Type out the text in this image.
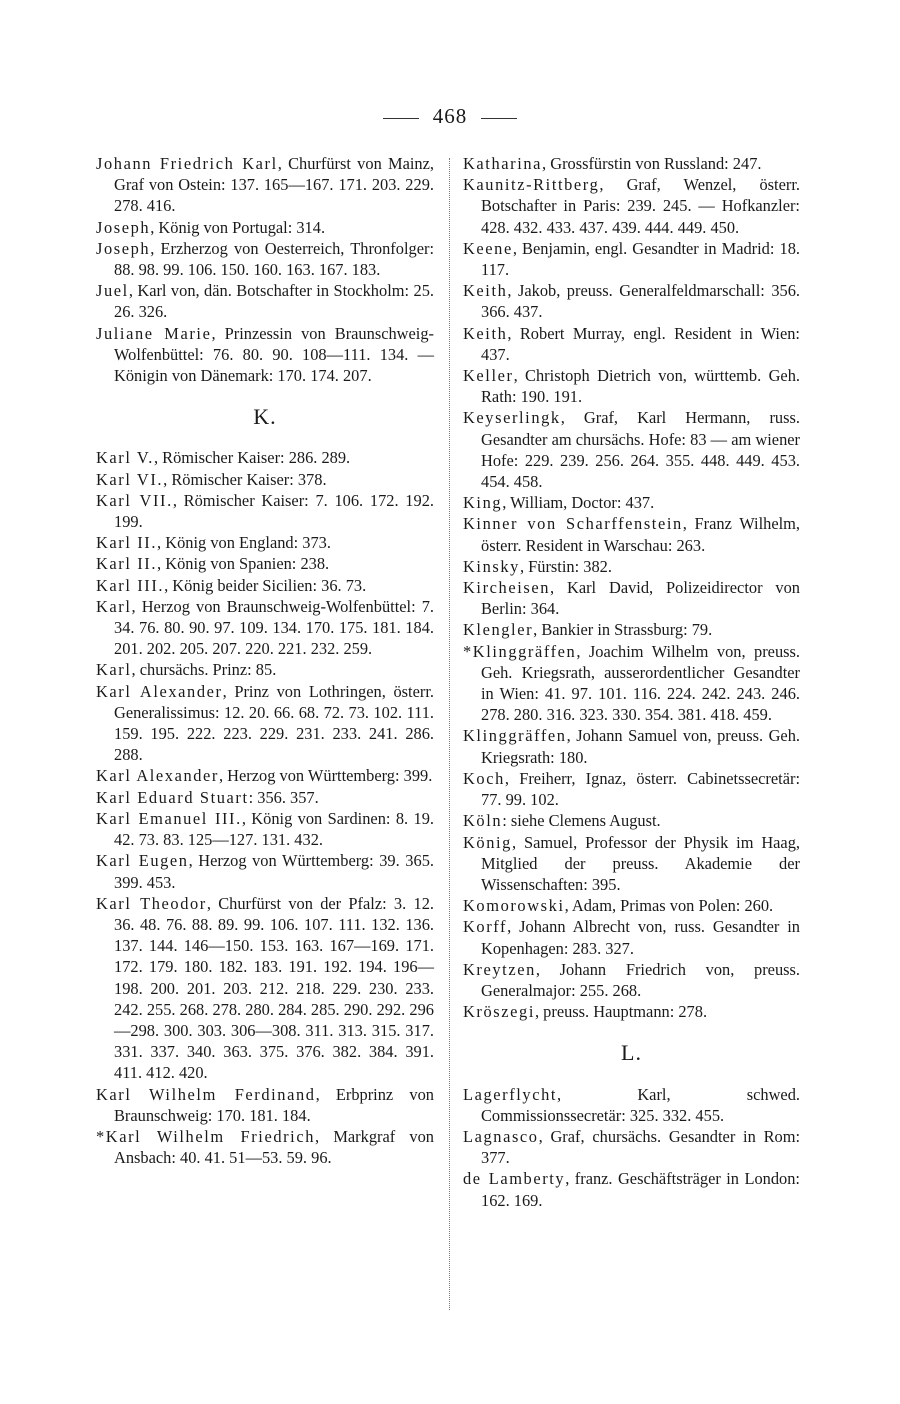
468

Johann Friedrich Karl, Churfürst von Mainz, Graf von Ostein: 137. 165—167. 171. 203. 229. 278. 416.

Joseph, König von Portugal: 314.

Joseph, Erzherzog von Oesterreich, Thronfolger: 88. 98. 99. 106. 150. 160. 163. 167. 183.

Juel, Karl von, dän. Botschafter in Stockholm: 25. 26. 326.

Juliane Marie, Prinzessin von Braunschweig-Wolfenbüttel: 76. 80. 90. 108—111. 134. — Königin von Dänemark: 170. 174. 207.

K.

Karl V., Römischer Kaiser: 286. 289.

Karl VI., Römischer Kaiser: 378.

Karl VII., Römischer Kaiser: 7. 106. 172. 192. 199.

Karl II., König von England: 373.

Karl II., König von Spanien: 238.

Karl III., König beider Sicilien: 36. 73.

Karl, Herzog von Braunschweig-Wolfenbüttel: 7. 34. 76. 80. 90. 97. 109. 134. 170. 175. 181. 184. 201. 202. 205. 207. 220. 221. 232. 259.

Karl, chursächs. Prinz: 85.

Karl Alexander, Prinz von Lothringen, österr. Generalissimus: 12. 20. 66. 68. 72. 73. 102. 111. 159. 195. 222. 223. 229. 231. 233. 241. 286. 288.

Karl Alexander, Herzog von Württemberg: 399.

Karl Eduard Stuart: 356. 357.

Karl Emanuel III., König von Sardinen: 8. 19. 42. 73. 83. 125—127. 131. 432.

Karl Eugen, Herzog von Württemberg: 39. 365. 399. 453.

Karl Theodor, Churfürst von der Pfalz: 3. 12. 36. 48. 76. 88. 89. 99. 106. 107. 111. 132. 136. 137. 144. 146—150. 153. 163. 167—169. 171. 172. 179. 180. 182. 183. 191. 192. 194. 196—198. 200. 201. 203. 212. 218. 229. 230. 233. 242. 255. 268. 278. 280. 284. 285. 290. 292. 296—298. 300. 303. 306—308. 311. 313. 315. 317. 331. 337. 340. 363. 375. 376. 382. 384. 391. 411. 412. 420.

Karl Wilhelm Ferdinand, Erbprinz von Braunschweig: 170. 181. 184.

*Karl Wilhelm Friedrich, Markgraf von Ansbach: 40. 41. 51—53. 59. 96.

Katharina, Grossfürstin von Russland: 247.

Kaunitz-Rittberg, Graf, Wenzel, österr. Botschafter in Paris: 239. 245. — Hofkanzler: 428. 432. 433. 437. 439. 444. 449. 450.

Keene, Benjamin, engl. Gesandter in Madrid: 18. 117.

Keith, Jakob, preuss. Generalfeldmarschall: 356. 366. 437.

Keith, Robert Murray, engl. Resident in Wien: 437.

Keller, Christoph Dietrich von, württemb. Geh. Rath: 190. 191.

Keyserlingk, Graf, Karl Hermann, russ. Gesandter am chursächs. Hofe: 83 — am wiener Hofe: 229. 239. 256. 264. 355. 448. 449. 453. 454. 458.

King, William, Doctor: 437.

Kinner von Scharffenstein, Franz Wilhelm, österr. Resident in Warschau: 263.

Kinsky, Fürstin: 382.

Kircheisen, Karl David, Polizeidirector von Berlin: 364.

Klengler, Bankier in Strassburg: 79.

*Klinggräffen, Joachim Wilhelm von, preuss. Geh. Kriegsrath, ausserordentlicher Gesandter in Wien: 41. 97. 101. 116. 224. 242. 243. 246. 278. 280. 316. 323. 330. 354. 381. 418. 459.

Klinggräffen, Johann Samuel von, preuss. Geh. Kriegsrath: 180.

Koch, Freiherr, Ignaz, österr. Cabinetssecretär: 77. 99. 102.

Köln: siehe Clemens August.

König, Samuel, Professor der Physik im Haag, Mitglied der preuss. Akademie der Wissenschaften: 395.

Komorowski, Adam, Primas von Polen: 260.

Korff, Johann Albrecht von, russ. Gesandter in Kopenhagen: 283. 327.

Kreytzen, Johann Friedrich von, preuss. Generalmajor: 255. 268.

Kröszegi, preuss. Hauptmann: 278.

L.

Lagerflycht, Karl, schwed. Commissionssecretär: 325. 332. 455.

Lagnasco, Graf, chursächs. Gesandter in Rom: 377.

de Lamberty, franz. Geschäftsträger in London: 162. 169.
